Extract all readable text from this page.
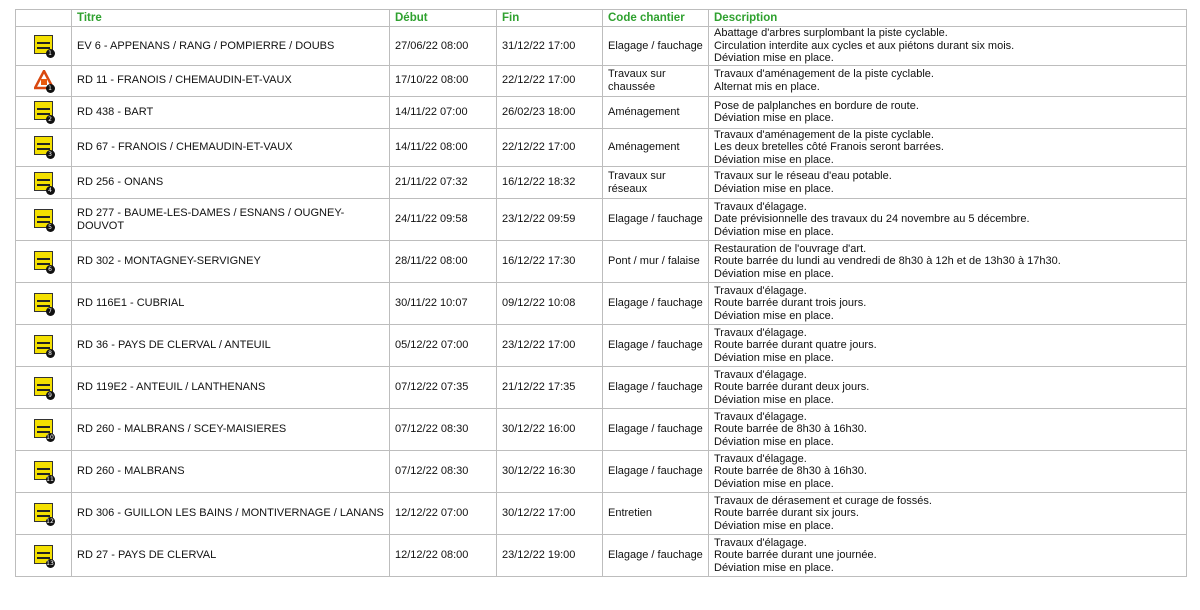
	Titre	Début	Fin	Code chantier	Description

1	EV 6 - APPENANS / RANG / POMPIERRE / DOUBS	27/06/22 08:00	31/12/22 17:00	Elagage / fauchage	Abattage d'arbres surplombant la piste cyclable.
Circulation interdite aux cycles et aux piétons durant six mois.
Déviation mise en place.

1	RD 11 - FRANOIS / CHEMAUDIN-ET-VAUX	17/10/22 08:00	22/12/22 17:00	Travaux sur chaussée	Travaux d'aménagement de la piste cyclable.
Alternat mis en place.

2	RD 438 - BART	14/11/22 07:00	26/02/23 18:00	Aménagement	Pose de palplanches en bordure de route.
Déviation mise en place.

3	RD 67 - FRANOIS / CHEMAUDIN-ET-VAUX	14/11/22 08:00	22/12/22 17:00	Aménagement	Travaux d'aménagement de la piste cyclable.
Les deux bretelles côté Franois seront barrées.
Déviation mise en place.

4	RD 256 - ONANS	21/11/22 07:32	16/12/22 18:32	Travaux sur réseaux	Travaux sur le réseau d'eau potable.
Déviation mise en place.

5	RD 277 - BAUME-LES-DAMES / ESNANS / OUGNEY-DOUVOT	24/11/22 09:58	23/12/22 09:59	Elagage / fauchage	Travaux d'élagage.
Date prévisionnelle des travaux du 24 novembre au 5 décembre.
Déviation mise en place.

6	RD 302 - MONTAGNEY-SERVIGNEY	28/11/22 08:00	16/12/22 17:30	Pont / mur / falaise	Restauration de l'ouvrage d'art.
Route barrée du lundi au vendredi de 8h30 à 12h et de 13h30 à 17h30.
Déviation mise en place.

7	RD 116E1 - CUBRIAL	30/11/22 10:07	09/12/22 10:08	Elagage / fauchage	Travaux d'élagage.
Route barrée durant trois jours.
Déviation mise en place.

8	RD 36 - PAYS DE CLERVAL / ANTEUIL	05/12/22 07:00	23/12/22 17:00	Elagage / fauchage	Travaux d'élagage.
Route barrée durant quatre jours.
Déviation mise en place.

9	RD 119E2 - ANTEUIL / LANTHENANS	07/12/22 07:35	21/12/22 17:35	Elagage / fauchage	Travaux d'élagage.
Route barrée durant deux jours.
Déviation mise en place.

10	RD 260 - MALBRANS / SCEY-MAISIERES	07/12/22 08:30	30/12/22 16:00	Elagage / fauchage	Travaux d'élagage.
Route barrée de 8h30 à 16h30.
Déviation mise en place.

11	RD 260 - MALBRANS	07/12/22 08:30	30/12/22 16:30	Elagage / fauchage	Travaux d'élagage.
Route barrée de 8h30 à 16h30.
Déviation mise en place.

12	RD 306 - GUILLON LES BAINS / MONTIVERNAGE / LANANS	12/12/22 07:00	30/12/22 17:00	Entretien	Travaux de dérasement et curage de fossés.
Route barrée durant six jours.
Déviation mise en place.

13	RD 27 - PAYS DE CLERVAL	12/12/22 08:00	23/12/22 19:00	Elagage / fauchage	Travaux d'élagage.
Route barrée durant une journée.
Déviation mise en place.
